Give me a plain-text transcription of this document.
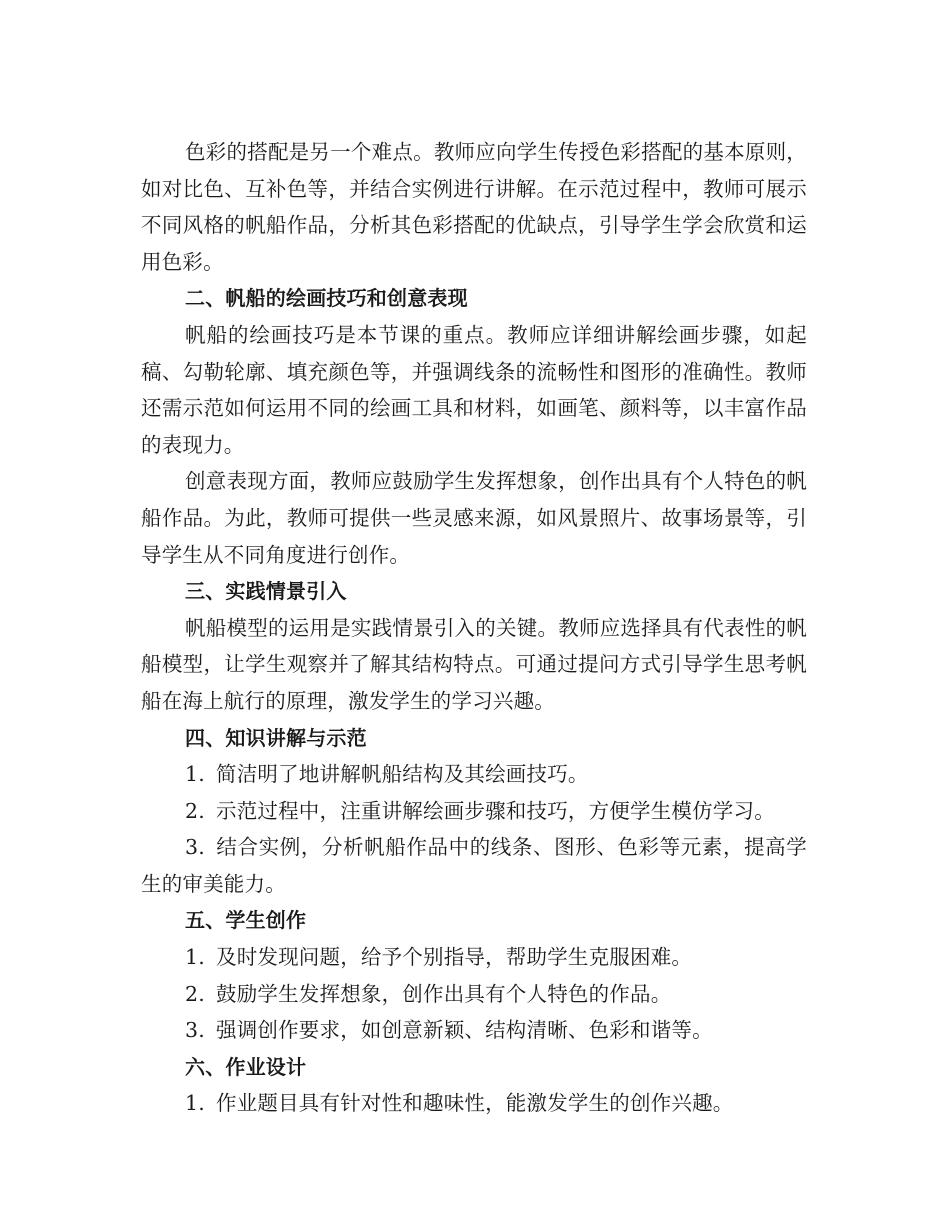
色彩的搭配是另一个难点。教师应向学生传授色彩搭配的基本原则，如对比色、互补色等，并结合实例进行讲解。在示范过程中，教师可展示不同风格的帆船作品，分析其色彩搭配的优缺点，引导学生学会欣赏和运用色彩。

二、帆船的绘画技巧和创意表现

帆船的绘画技巧是本节课的重点。教师应详细讲解绘画步骤，如起稿、勾勒轮廓、填充颜色等，并强调线条的流畅性和图形的准确性。教师还需示范如何运用不同的绘画工具和材料，如画笔、颜料等，以丰富作品的表现力。

创意表现方面，教师应鼓励学生发挥想象，创作出具有个人特色的帆船作品。为此，教师可提供一些灵感来源，如风景照片、故事场景等，引导学生从不同角度进行创作。

三、实践情景引入

帆船模型的运用是实践情景引入的关键。教师应选择具有代表性的帆船模型，让学生观察并了解其结构特点。可通过提问方式引导学生思考帆船在海上航行的原理，激发学生的学习兴趣。

四、知识讲解与示范

1. 简洁明了地讲解帆船结构及其绘画技巧。

2. 示范过程中，注重讲解绘画步骤和技巧，方便学生模仿学习。

3. 结合实例，分析帆船作品中的线条、图形、色彩等元素，提高学生的审美能力。

五、学生创作

1. 及时发现问题，给予个别指导，帮助学生克服困难。

2. 鼓励学生发挥想象，创作出具有个人特色的作品。

3. 强调创作要求，如创意新颖、结构清晰、色彩和谐等。

六、作业设计

1. 作业题目具有针对性和趣味性，能激发学生的创作兴趣。
